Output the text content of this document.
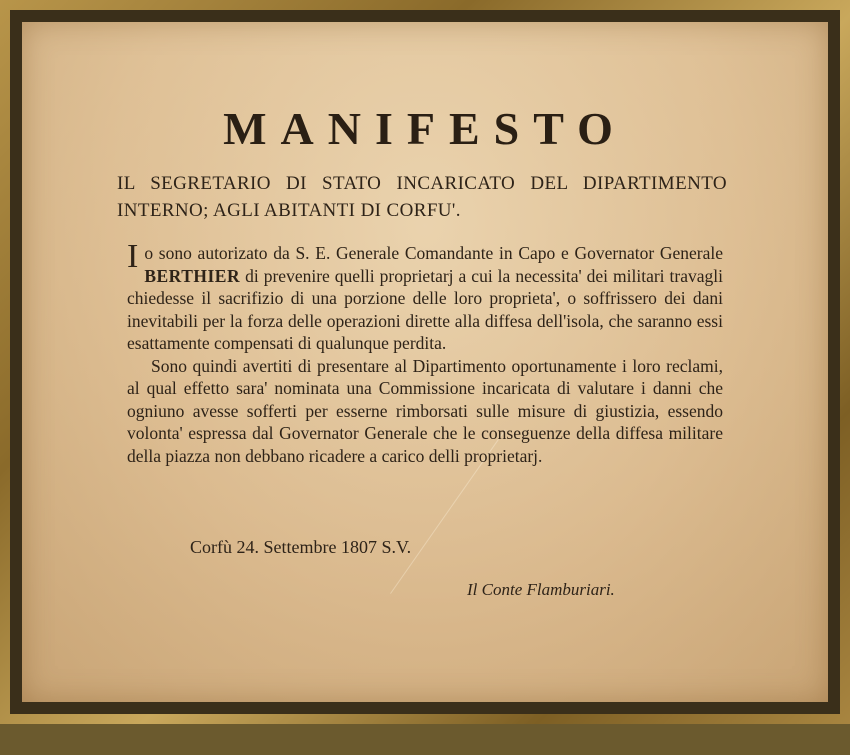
MANIFESTO
IL SEGRETARIO DI STATO INCARICATO DEL DIPARTIMENTO INTERNO; AGLI ABITANTI DI CORFU'.

Io sono autorizato da S. E. Generale Comandante in Capo e Governator Generale BERTHIER di prevenire quelli proprietarj a cui la necessita' dei militari travagli chiedesse il sacrifizio di una porzione delle loro proprieta', o soffrissero dei dani inevitabili per la forza delle operazioni dirette alla diffesa dell'isola, che saranno essi esattamente compensati di qualunque perdita.

Sono quindi avertiti di presentare al Dipartimento oportunamente i loro reclami, al qual effetto sara' nominata una Commissione incaricata di valutare i danni che ogniuno avesse sofferti per esserne rimborsati sulle misure di giustizia, essendo volonta' espressa dal Governator Generale che le conseguenze della diffesa militare della piazza non debbano ricadere a carico delli proprietarj.

Corfù 24. Settembre 1807 S.V.
Il Conte Flamburiari.
